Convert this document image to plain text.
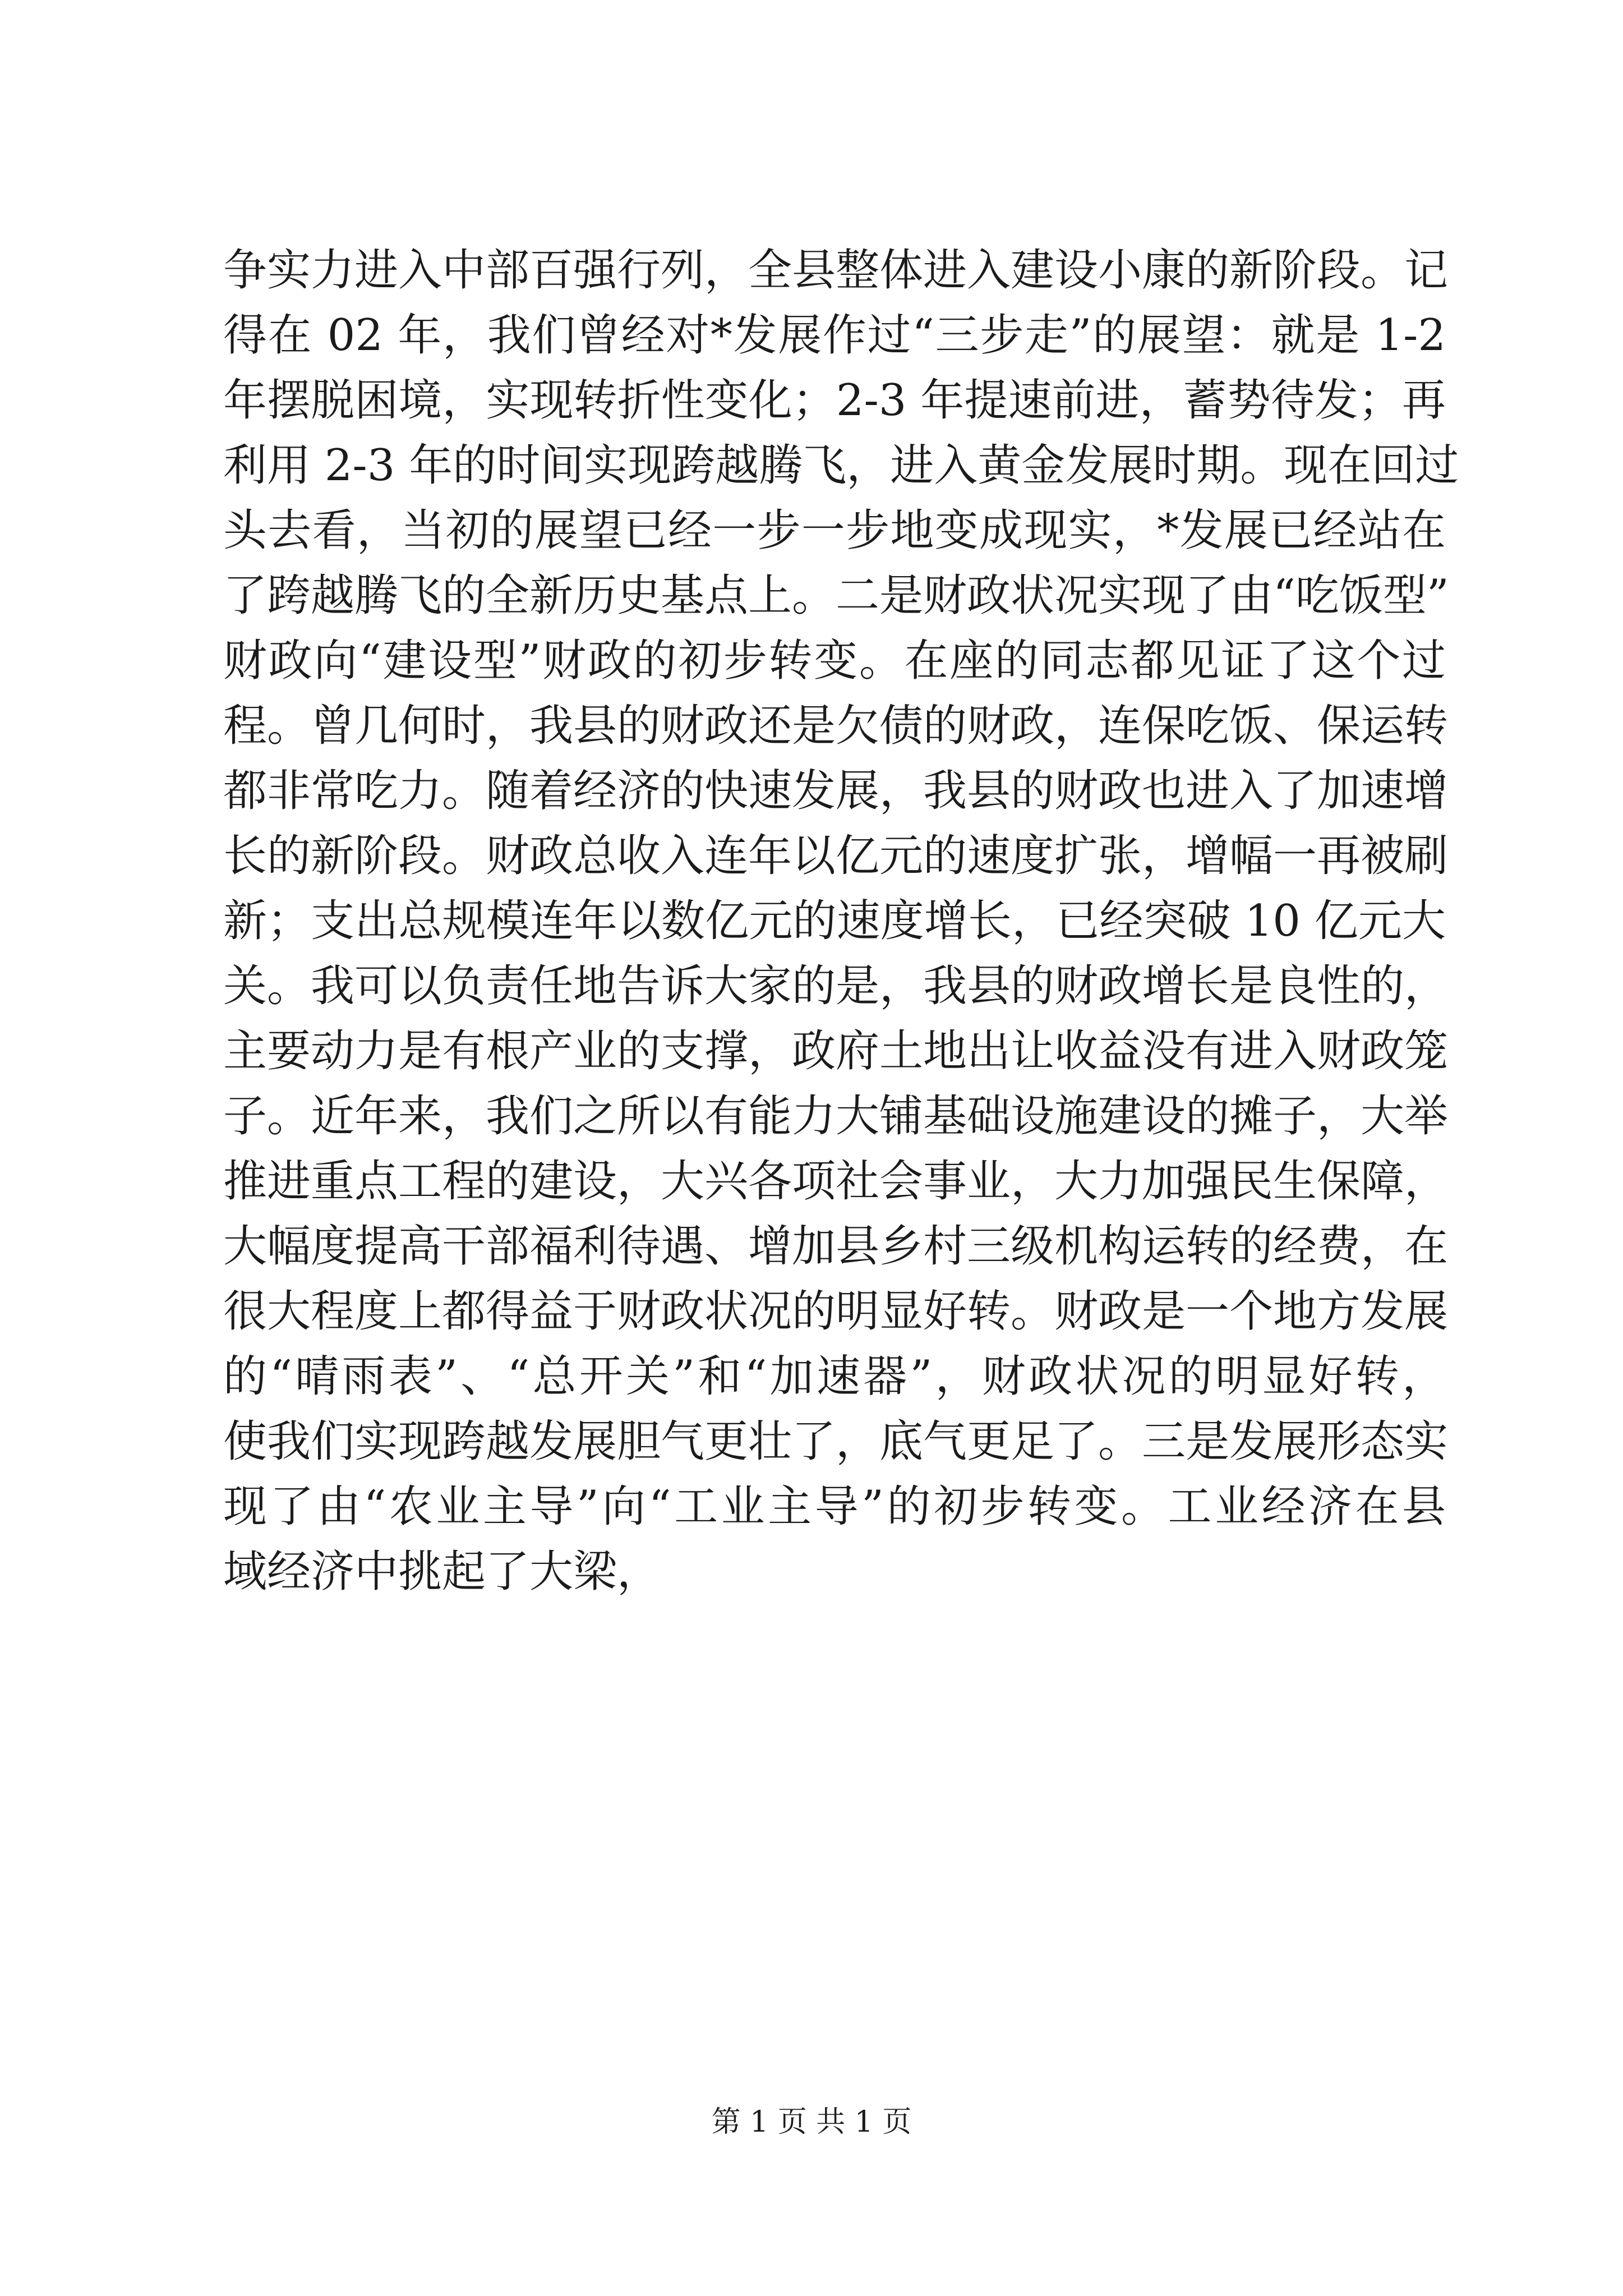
争实力进入中部百强行列，全县整体进入建设小康的新阶段。记
得在 02 年，我们曾经对*发展作过“三步走”的展望：就是 1-2
年摆脱困境，实现转折性变化；2-3 年提速前进，蓄势待发；再
利用 2-3 年的时间实现跨越腾飞，进入黄金发展时期。现在回过
头去看，当初的展望已经一步一步地变成现实，*发展已经站在
了跨越腾飞的全新历史基点上。二是财政状况实现了由“吃饭型”
财政向“建设型”财政的初步转变。在座的同志都见证了这个过
程。曾几何时，我县的财政还是欠债的财政，连保吃饭、保运转
都非常吃力。随着经济的快速发展，我县的财政也进入了加速增
长的新阶段。财政总收入连年以亿元的速度扩张，增幅一再被刷
新；支出总规模连年以数亿元的速度增长，已经突破 10 亿元大
关。我可以负责任地告诉大家的是，我县的财政增长是良性的，
主要动力是有根产业的支撑，政府土地出让收益没有进入财政笼
子。近年来，我们之所以有能力大铺基础设施建设的摊子，大举
推进重点工程的建设，大兴各项社会事业，大力加强民生保障，
大幅度提高干部福利待遇、增加县乡村三级机构运转的经费，在
很大程度上都得益于财政状况的明显好转。财政是一个地方发展
的“晴雨表”、“总开关”和“加速器”，财政状况的明显好转，
使我们实现跨越发展胆气更壮了，底气更足了。三是发展形态实
现了由“农业主导”向“工业主导”的初步转变。工业经济在县
域经济中挑起了大梁，
第 1 页 共 1 页
